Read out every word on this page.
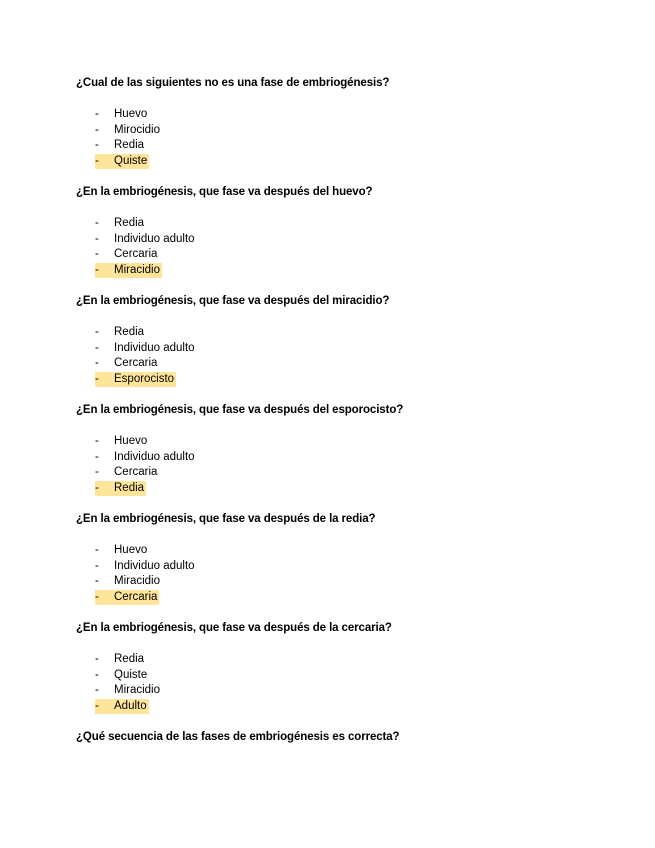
¿Cual de las siguientes no es una fase de embriogénesis?

- Huevo
- Mirocidio
- Redia
- Quiste

¿En la embriogénesis, que fase va después del huevo?

- Redia
- Individuo adulto
- Cercaria
- Miracidio

¿En la embriogénesis, que fase va después del miracidio?

- Redia
- Individuo adulto
- Cercaria
- Esporocisto

¿En la embriogénesis, que fase va después del esporocisto?

- Huevo
- Individuo adulto
- Cercaria
- Redia

¿En la embriogénesis, que fase va después de la redia?

- Huevo
- Individuo adulto
- Miracidio
- Cercaria

¿En la embriogénesis, que fase va después de la cercaria?

- Redia
- Quiste
- Miracidio
- Adulto

¿Qué secuencia de las fases de embriogénesis es correcta?
